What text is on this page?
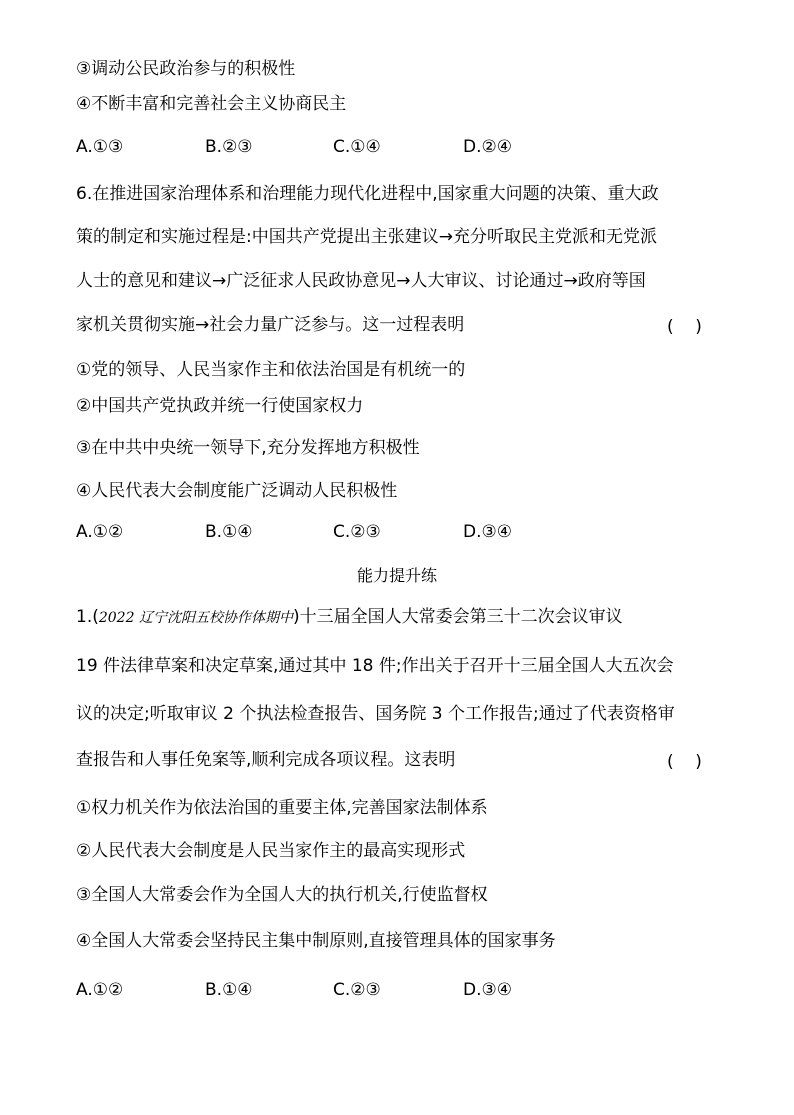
③调动公民政治参与的积极性
④不断丰富和完善社会主义协商民主
A.①③	B.②③	C.①④	D.②④
6.在推进国家治理体系和治理能力现代化进程中,国家重大问题的决策、重大政
策的制定和实施过程是:中国共产党提出主张建议→充分听取民主党派和无党派
人士的意见和建议→广泛征求人民政协意见→人大审议、讨论通过→政府等国
家机关贯彻实施→社会力量广泛参与。这一过程表明	(    )
①党的领导、人民当家作主和依法治国是有机统一的
②中国共产党执政并统一行使国家权力
③在中共中央统一领导下,充分发挥地方积极性
④人民代表大会制度能广泛调动人民积极性
A.①②	B.①④	C.②③	D.③④
能力提升练
1.(2022 辽宁沈阳五校协作体期中)十三届全国人大常委会第三十二次会议审议
19 件法律草案和决定草案,通过其中 18 件;作出关于召开十三届全国人大五次会
议的决定;听取审议 2 个执法检查报告、国务院 3 个工作报告;通过了代表资格审
查报告和人事任免案等,顺利完成各项议程。这表明	(    )
①权力机关作为依法治国的重要主体,完善国家法制体系
②人民代表大会制度是人民当家作主的最高实现形式
③全国人大常委会作为全国人大的执行机关,行使监督权
④全国人大常委会坚持民主集中制原则,直接管理具体的国家事务
A.①②	B.①④	C.②③	D.③④
